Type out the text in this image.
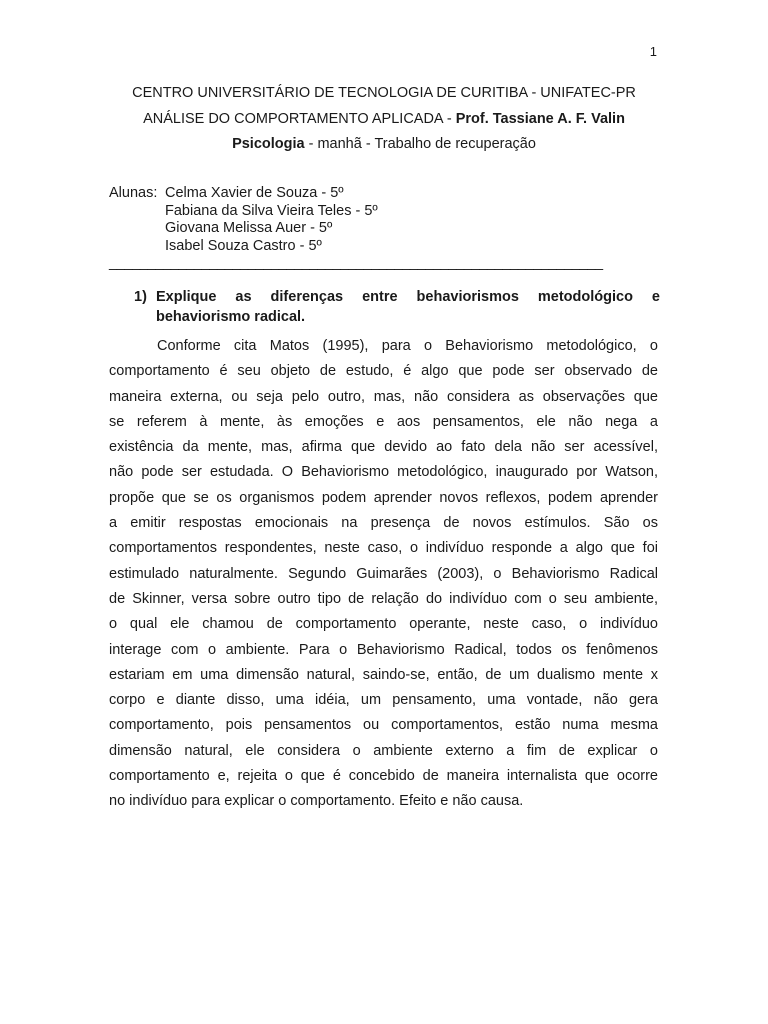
1
CENTRO UNIVERSITÁRIO DE TECNOLOGIA DE CURITIBA - UNIFATEC-PR
ANÁLISE DO COMPORTAMENTO APLICADA - Prof. Tassiane A. F. Valin
Psicologia - manhã - Trabalho de recuperação
Alunas: Celma Xavier de Souza - 5º
Fabiana da Silva Vieira Teles - 5º
Giovana Melissa Auer - 5º
Isabel Souza Castro - 5º
________________________________________________________________
1) Explique as diferenças entre behaviorismos metodológico e
behaviorismo radical.
Conforme cita Matos (1995), para o Behaviorismo metodológico, o
comportamento é seu objeto de estudo, é algo que pode ser observado de
maneira externa, ou seja pelo outro, mas, não considera as observações que
se referem à mente, às emoções e aos pensamentos, ele não nega a
existência da mente, mas, afirma que devido ao fato dela não ser acessível,
não pode ser estudada. O Behaviorismo metodológico, inaugurado por Watson,
propõe que se os organismos podem aprender novos reflexos, podem aprender
a emitir respostas emocionais na presença de novos estímulos. São os
comportamentos respondentes, neste caso, o indivíduo responde a algo que foi
estimulado naturalmente. Segundo Guimarães (2003), o Behaviorismo Radical
de Skinner, versa sobre outro tipo de relação do indivíduo com o seu ambiente,
o qual ele chamou de comportamento operante, neste caso, o indivíduo
interage com o ambiente. Para o Behaviorismo Radical, todos os fenômenos
estariam em uma dimensão natural, saindo-se, então, de um dualismo mente x
corpo e diante disso, uma idéia, um pensamento, uma vontade, não gera
comportamento, pois pensamentos ou comportamentos, estão numa mesma
dimensão natural, ele considera o ambiente externo a fim de explicar o
comportamento e, rejeita o que é concebido de maneira internalista que ocorre
no indivíduo para explicar o comportamento. Efeito e não causa.
